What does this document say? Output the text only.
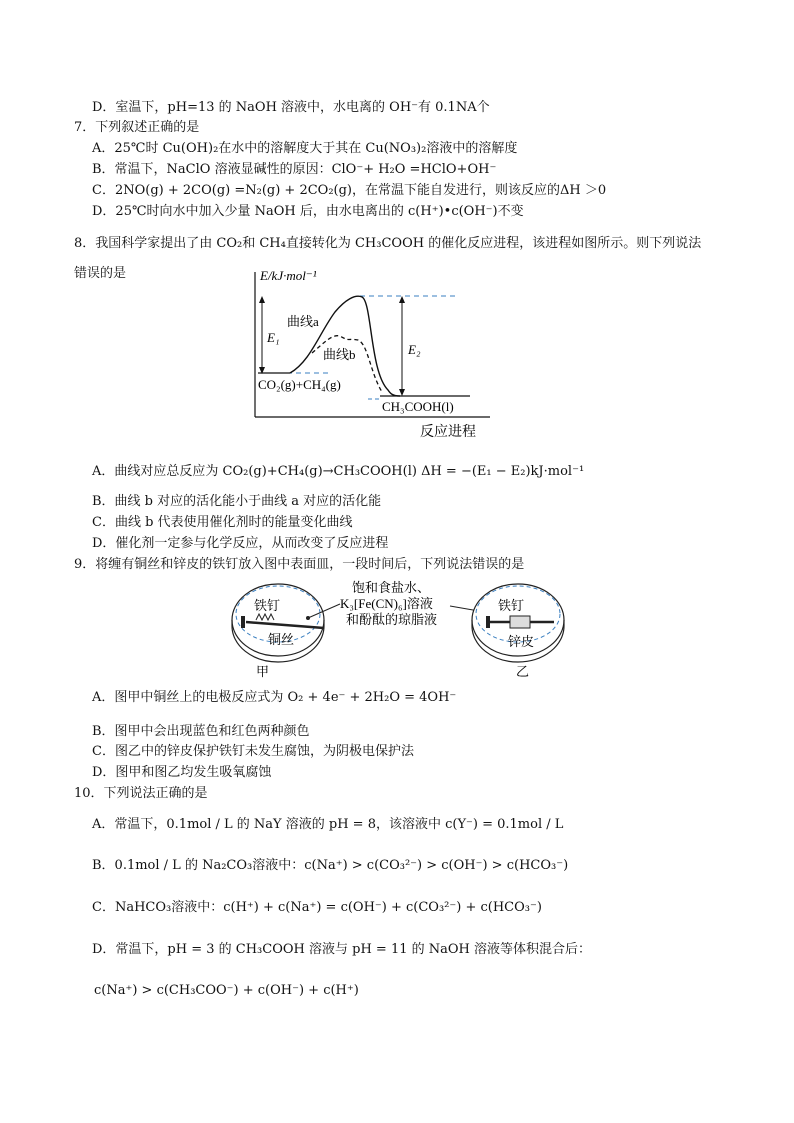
D．室温下，pH=13 的 NaOH 溶液中，水电离的 OH⁻有 0.1NA个
7．下列叙述正确的是
A．25℃时 Cu(OH)₂在水中的溶解度大于其在 Cu(NO₃)₂溶液中的溶解度
B．常温下，NaClO 溶液显碱性的原因：ClO⁻+ H₂O =HClO+OH⁻
C．2NO(g) + 2CO(g) =N₂(g) + 2CO₂(g)，在常温下能自发进行，则该反应的ΔH ＞0
D．25℃时向水中加入少量 NaOH 后，由水电离出的 c(H⁺)•c(OH⁻)不变
8．我国科学家提出了由 CO₂和 CH₄直接转化为 CH₃COOH 的催化反应进程，该进程如图所示。则下列说法
错误的是	E/kJ·mol⁻¹
反应进程
E₁
E₂
曲线a
曲线b
CO₂(g)+CH₄(g)
CH₃COOH(l)
A．曲线对应总反应为 CO₂(g)+CH₄(g)→CH₃COOH(l) ΔH = −(E₁ − E₂)kJ·mol⁻¹
B．曲线 b 对应的活化能小于曲线 a 对应的活化能
C．曲线 b 代表使用催化剂时的能量变化曲线
D．催化剂一定参与化学反应，从而改变了反应进程
9．将缠有铜丝和锌皮的铁钉放入图中表面皿，一段时间后，下列说法错误的是
铁钉
铜丝
甲
饱和食盐水、
K₃[Fe(CN)₆]溶液
和酚酞的琼脂液
铁钉
锌皮
乙
A．图甲中铜丝上的电极反应式为 O₂ + 4e⁻ + 2H₂O = 4OH⁻
B．图甲中会出现蓝色和红色两种颜色
C．图乙中的锌皮保护铁钉未发生腐蚀，为阴极电保护法
D．图甲和图乙均发生吸氧腐蚀
10．下列说法正确的是
A．常温下，0.1mol / L 的 NaY 溶液的 pH = 8，该溶液中 c(Y⁻) = 0.1mol / L
B．0.1mol / L 的 Na₂CO₃溶液中：c(Na⁺) > c(CO₃²⁻) > c(OH⁻) > c(HCO₃⁻)
C．NaHCO₃溶液中：c(H⁺) + c(Na⁺) = c(OH⁻) + c(CO₃²⁻) + c(HCO₃⁻)
D．常温下，pH = 3 的 CH₃COOH 溶液与 pH = 11 的 NaOH 溶液等体积混合后：
c(Na⁺) > c(CH₃COO⁻) + c(OH⁻) + c(H⁺)
